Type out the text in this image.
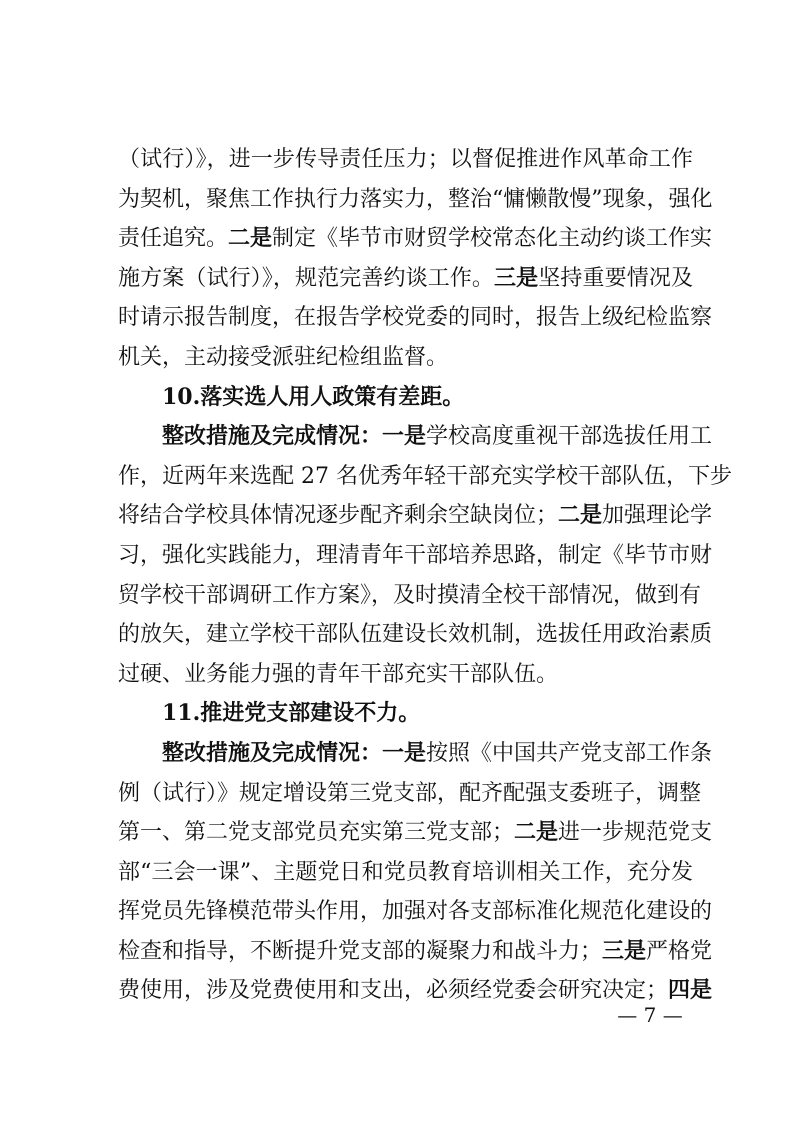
（试行）》，进一步传导责任压力；以督促推进作风革命工作
为契机，聚焦工作执行力落实力，整治“慵懒散慢”现象，强化
责任追究。二是制定《毕节市财贸学校常态化主动约谈工作实
施方案（试行）》，规范完善约谈工作。三是坚持重要情况及
时请示报告制度，在报告学校党委的同时，报告上级纪检监察
机关，主动接受派驻纪检组监督。
10.落实选人用人政策有差距。
整改措施及完成情况：一是学校高度重视干部选拔任用工
作，近两年来选配 27 名优秀年轻干部充实学校干部队伍，下步
将结合学校具体情况逐步配齐剩余空缺岗位；二是加强理论学
习，强化实践能力，理清青年干部培养思路，制定《毕节市财
贸学校干部调研工作方案》，及时摸清全校干部情况，做到有
的放矢，建立学校干部队伍建设长效机制，选拔任用政治素质
过硬、业务能力强的青年干部充实干部队伍。
11.推进党支部建设不力。
整改措施及完成情况：一是按照《中国共产党支部工作条
例（试行）》规定增设第三党支部，配齐配强支委班子，调整
第一、第二党支部党员充实第三党支部；二是进一步规范党支
部“三会一课”、主题党日和党员教育培训相关工作，充分发
挥党员先锋模范带头作用，加强对各支部标准化规范化建设的
检查和指导，不断提升党支部的凝聚力和战斗力；三是严格党
费使用，涉及党费使用和支出，必须经党委会研究决定；四是
— 7 —
